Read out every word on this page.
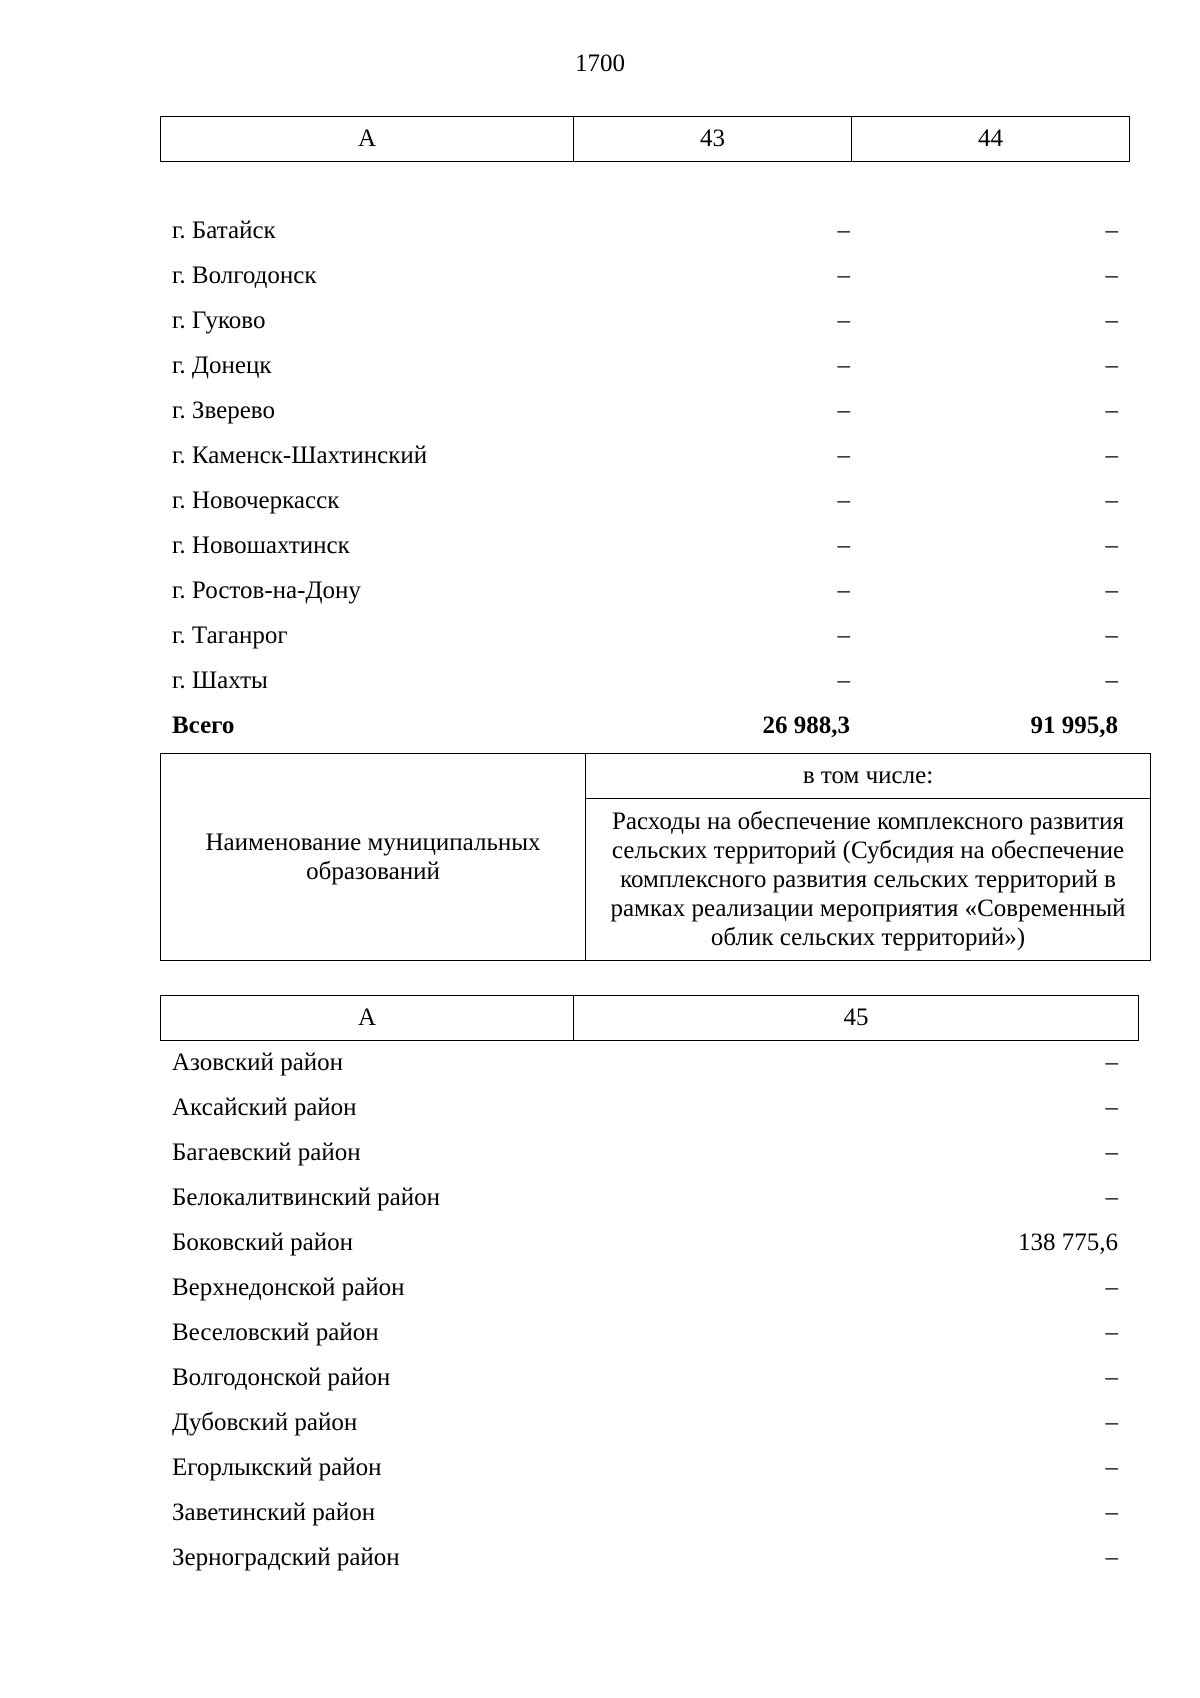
1700
А	43	44
г. Батайск	–	–
г. Волгодонск	–	–
г. Гуково	–	–
г. Донецк	–	–
г. Зверево	–	–
г. Каменск-Шахтинский	–	–
г. Новочеркасск	–	–
г. Новошахтинск	–	–
г. Ростов-на-Дону	–	–
г. Таганрог	–	–
г. Шахты	–	–
Всего	26 988,3	91 995,8
Наименование муниципальных образований	в том числе:
Расходы на обеспечение комплексного развития сельских территорий (Субсидия на обеспечение комплексного развития сельских территорий в рамках реализации мероприятия «Современный облик сельских территорий»)
А	45
Азовский район	–
Аксайский район	–
Багаевский район	–
Белокалитвинский район	–
Боковский район	138 775,6
Верхнедонской район	–
Веселовский район	–
Волгодонской район	–
Дубовский район	–
Егорлыкский район	–
Заветинский район	–
Зерноградский район	–
